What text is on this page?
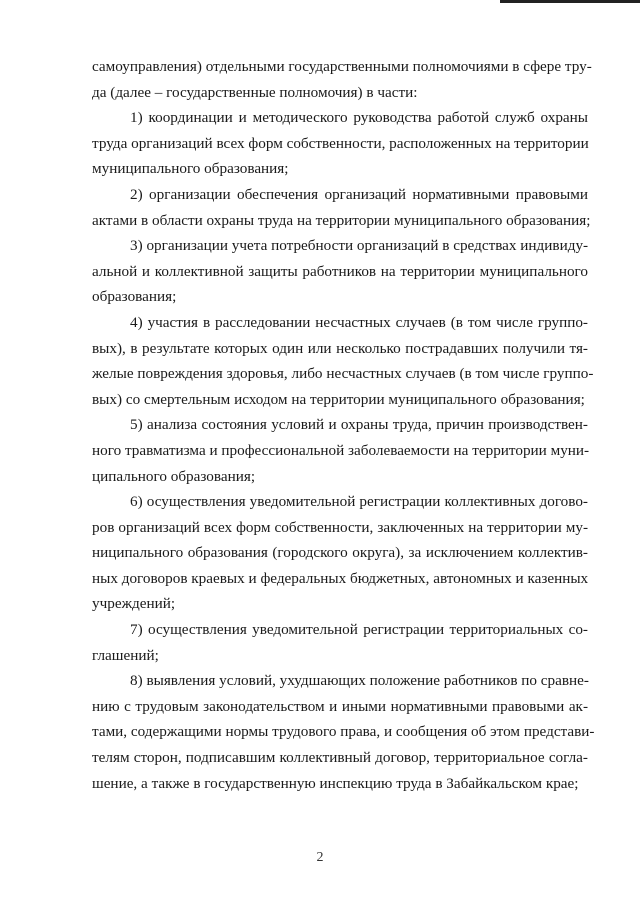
самоуправления) отдельными государственными полномочиями в сфере тру-
да (далее – государственные полномочия) в части:
1) координации и методического руководства работой служб охраны
труда организаций всех форм собственности, расположенных на территории
муниципального образования;
2) организации обеспечения организаций нормативными правовыми
актами в области охраны труда на территории муниципального образования;
3) организации учета потребности организаций в средствах индивиду-
альной и коллективной защиты работников на территории муниципального
образования;
4) участия в расследовании несчастных случаев (в том числе группо-
вых), в результате которых один или несколько пострадавших получили тя-
желые повреждения здоровья, либо несчастных случаев (в том числе группо-
вых) со смертельным исходом на территории муниципального образования;
5) анализа состояния условий и охраны труда, причин производствен-
ного травматизма и профессиональной заболеваемости на территории муни-
ципального образования;
6) осуществления уведомительной регистрации коллективных догово-
ров организаций всех форм собственности, заключенных на территории му-
ниципального образования (городского округа), за исключением коллектив-
ных договоров краевых и федеральных бюджетных, автономных и казенных
учреждений;
7) осуществления уведомительной регистрации территориальных со-
глашений;
8) выявления условий, ухудшающих положение работников по сравне-
нию с трудовым законодательством и иными нормативными правовыми ак-
тами, содержащими нормы трудового права, и сообщения об этом представи-
телям сторон, подписавшим коллективный договор, территориальное согла-
шение, а также в государственную инспекцию труда в Забайкальском крае;
2
